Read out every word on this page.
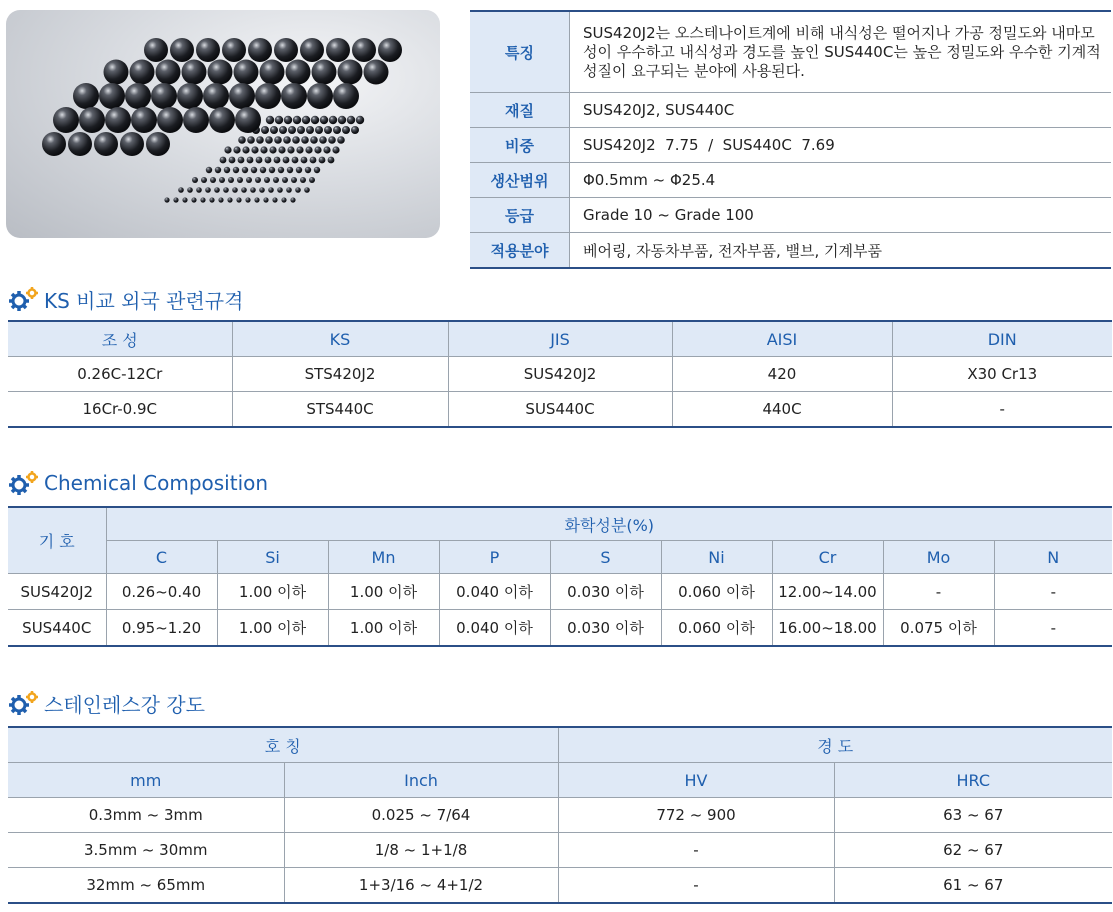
특징	SUS420J2는 오스테나이트계에 비해 내식성은 떨어지나 가공 정밀도와 내마모성이 우수하고 내식성과 경도를 높인 SUS440C는 높은 정밀도와 우수한 기계적성질이 요구되는 분야에 사용된다.
재질	SUS420J2, SUS440C
비중	SUS420J2  7.75  /  SUS440C  7.69
생산범위	Φ0.5mm ~ Φ25.4
등급	Grade 10 ~ Grade 100
적용분야	베어링, 자동차부품, 전자부품, 밸브, 기계부품
KS 비교 외국 관련규격
조 성	KS	JIS	AISI	DIN
0.26C-12Cr	STS420J2	SUS420J2	420	X30 Cr13
16Cr-0.9C	STS440C	SUS440C	440C	-
Chemical Composition
기 호	화학성분(%)								
	C	Si	Mn	P	S	Ni	Cr	Mo	N
SUS420J2	0.26~0.40	1.00 이하	1.00 이하	0.040 이하	0.030 이하	0.060 이하	12.00~14.00	-	-
SUS440C	0.95~1.20	1.00 이하	1.00 이하	0.040 이하	0.030 이하	0.060 이하	16.00~18.00	0.075 이하	-
스테인레스강 강도
호 칭		경 도	
mm	Inch	HV	HRC
0.3mm ~ 3mm	0.025 ~ 7/64	772 ~ 900	63 ~ 67
3.5mm ~ 30mm	1/8 ~ 1+1/8	-	62 ~ 67
32mm ~ 65mm	1+3/16 ~ 4+1/2	-	61 ~ 67
